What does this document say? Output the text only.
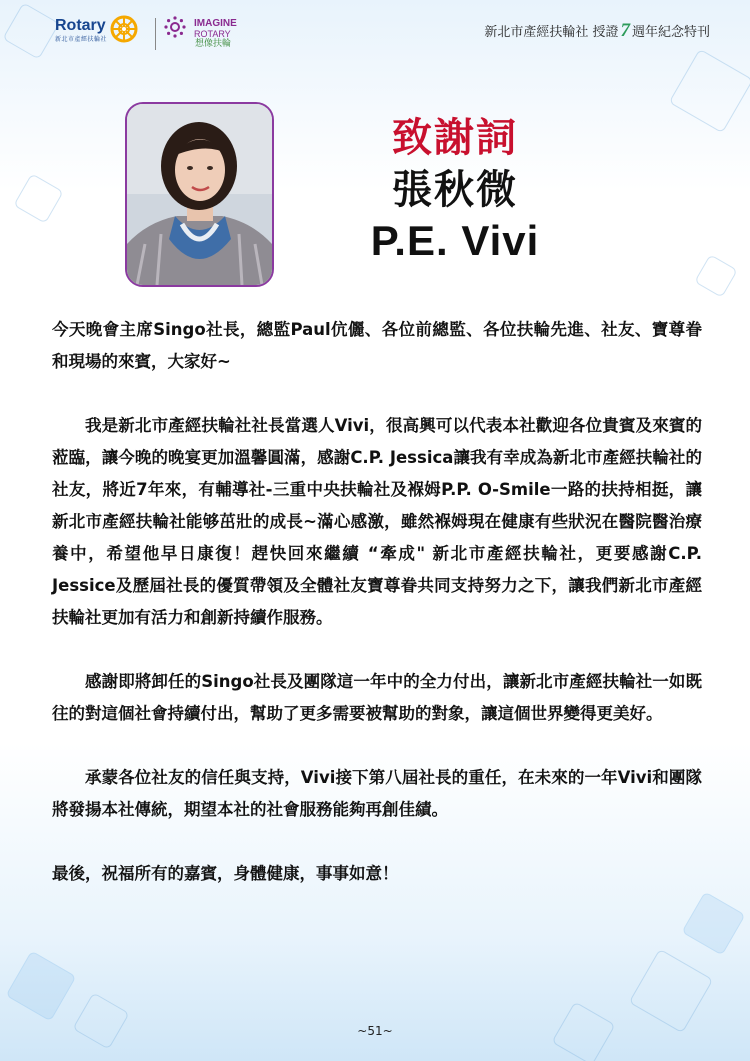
Rotary
新北市產經扶輪社
IMAGINE
ROTARY
想像扶輪
新北市產經扶輪社 授證 7 週年紀念特刊
致謝詞
張秋微
P.E. Vivi

今天晚會主席Singo社長，總監Paul伉儷、各位前總監、各位扶輪先進、社友、寶尊眷和現場的來賓，大家好~

我是新北市產經扶輪社社長當選人Vivi，很高興可以代表本社歡迎各位貴賓及來賓的蒞臨，讓今晚的晚宴更加溫馨圓滿，感謝C.P. Jessica讓我有幸成為新北市產經扶輪社的社友，將近7年來，有輔導社-三重中央扶輪社及褓姆P.P. O-Smile一路的扶持相挺，讓新北市產經扶輪社能够茁壯的成長~滿心感激，雖然褓姆現在健康有些狀況在醫院醫治療養中，希望他早日康復！趕快回來繼續 “牽成" 新北市產經扶輪社，更要感謝C.P. Jessice及歷屆社長的優質帶領及全體社友寶尊眷共同支持努力之下，讓我們新北市產經扶輪社更加有活力和創新持續作服務。

感謝即將卸任的Singo社長及團隊這一年中的全力付出，讓新北市產經扶輪社一如既往的對這個社會持續付出，幫助了更多需要被幫助的對象，讓這個世界變得更美好。

承蒙各位社友的信任與支持，Vivi接下第八屆社長的重任，在未來的一年Vivi和團隊將發揚本社傳統，期望本社的社會服務能夠再創佳績。

最後，祝福所有的嘉賓，身體健康，事事如意！

~51~
